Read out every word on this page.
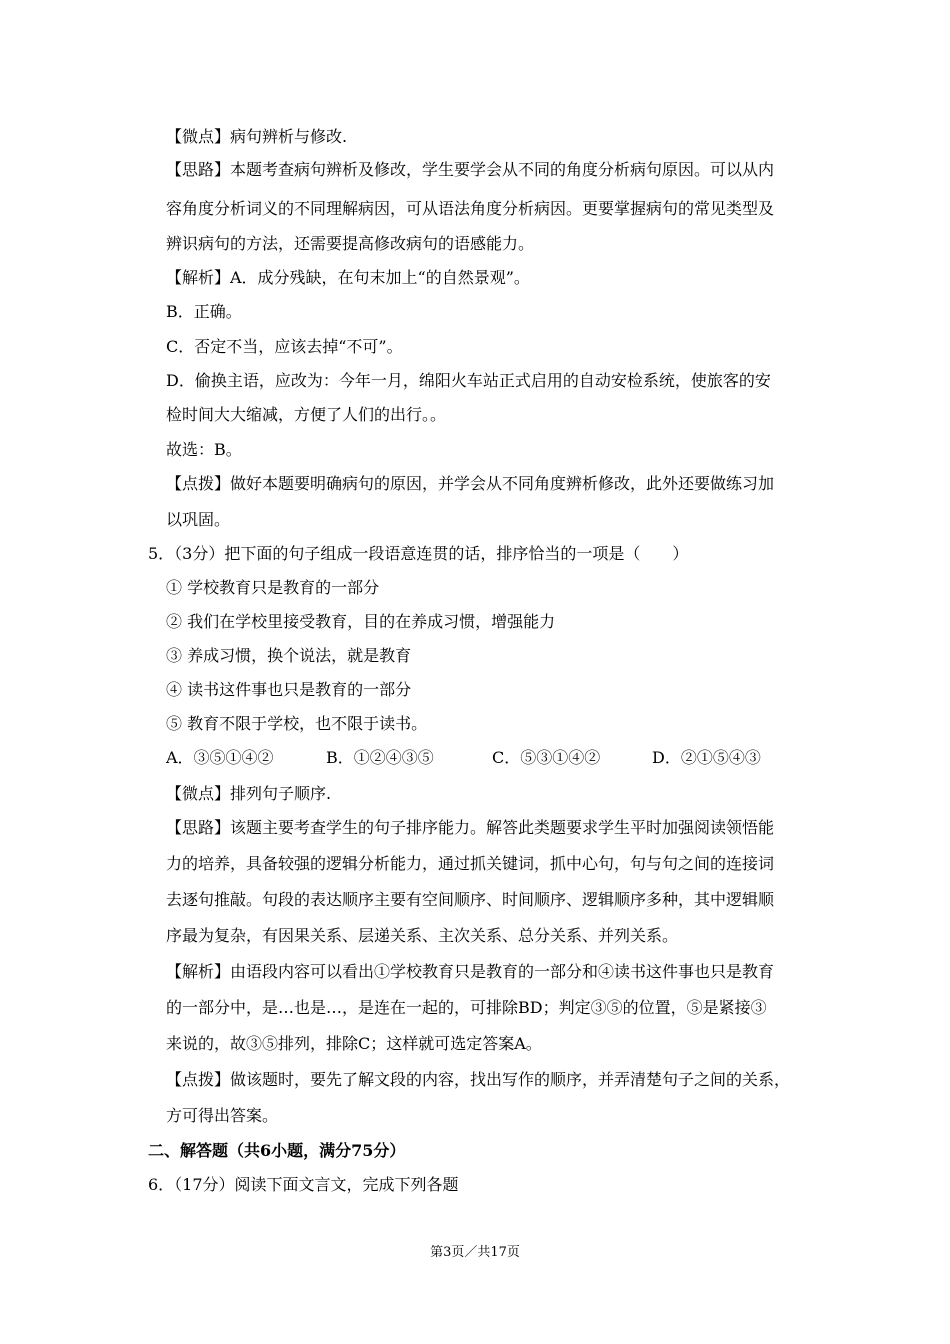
【微点】病句辨析与修改.
【思路】本题考查病句辨析及修改，学生要学会从不同的角度分析病句原因。可以从内
容角度分析词义的不同理解病因，可从语法角度分析病因。更要掌握病句的常见类型及
辨识病句的方法，还需要提高修改病句的语感能力。
【解析】A．成分残缺，在句末加上“的自然景观”。
B．正确。
C．否定不当，应该去掉“不可”。
D．偷换主语，应改为：今年一月，绵阳火车站正式启用的自动安检系统，使旅客的安
检时间大大缩减，方便了人们的出行。。
故选：B。
【点拨】做好本题要明确病句的原因，并学会从不同角度辨析修改，此外还要做练习加
以巩固。
5．（3分）把下面的句子组成一段语意连贯的话，排序恰当的一项是（　　）
① 学校教育只是教育的一部分
② 我们在学校里接受教育，目的在养成习惯，增强能力
③ 养成习惯，换个说法，就是教育
④ 读书这件事也只是教育的一部分
⑤ 教育不限于学校，也不限于读书。
A．③⑤①④②	B．①②④③⑤	C．⑤③①④②	D．②①⑤④③
【微点】排列句子顺序.
【思路】该题主要考查学生的句子排序能力。解答此类题要求学生平时加强阅读领悟能
力的培养，具备较强的逻辑分析能力，通过抓关键词，抓中心句，句与句之间的连接词
去逐句推敲。句段的表达顺序主要有空间顺序、时间顺序、逻辑顺序多种，其中逻辑顺
序最为复杂，有因果关系、层递关系、主次关系、总分关系、并列关系。
【解析】由语段内容可以看出①学校教育只是教育的一部分和④读书这件事也只是教育
的一部分中，是…也是…，是连在一起的，可排除BD；判定③⑤的位置，⑤是紧接③
来说的，故③⑤排列，排除C；这样就可选定答案A。
【点拨】做该题时，要先了解文段的内容，找出写作的顺序，并弄清楚句子之间的关系，
方可得出答案。
二、解答题（共6小题，满分75分）
6．（17分）阅读下面文言文，完成下列各题
第3页／共17页
